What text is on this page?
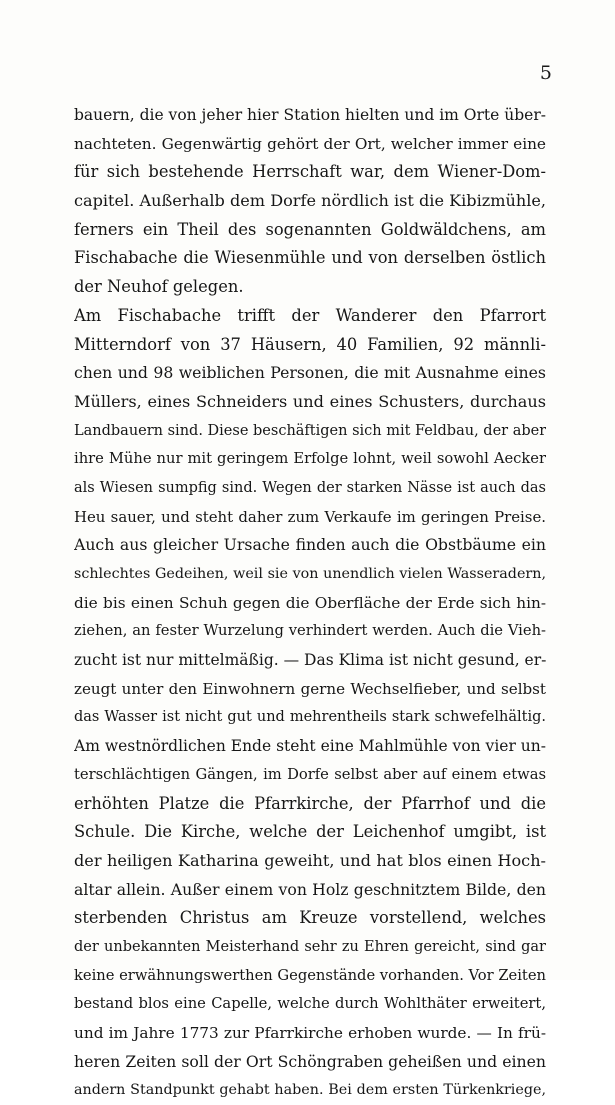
5
bauern, die von jeher hier Station hielten und im Orte über-
nachteten. Gegenwärtig gehört der Ort, welcher immer eine
für sich bestehende Herrschaft war, dem Wiener-Dom-
capitel. Außerhalb dem Dorfe nördlich ist die Kibizmühle,
ferners ein Theil des sogenannten Goldwäldchens, am
Fischabache die Wiesenmühle und von derselben östlich
der Neuhof gelegen.
Am Fischabache trifft der Wanderer den Pfarrort
Mitterndorf von 37 Häusern, 40 Familien, 92 männli-
chen und 98 weiblichen Personen, die mit Ausnahme eines
Müllers, eines Schneiders und eines Schusters, durchaus
Landbauern sind. Diese beschäftigen sich mit Feldbau, der aber
ihre Mühe nur mit geringem Erfolge lohnt, weil sowohl Aecker
als Wiesen sumpfig sind. Wegen der starken Nässe ist auch das
Heu sauer, und steht daher zum Verkaufe im geringen Preise.
Auch aus gleicher Ursache finden auch die Obstbäume ein
schlechtes Gedeihen, weil sie von unendlich vielen Wasseradern,
die bis einen Schuh gegen die Oberfläche der Erde sich hin-
ziehen, an fester Wurzelung verhindert werden. Auch die Vieh-
zucht ist nur mittelmäßig. — Das Klima ist nicht gesund, er-
zeugt unter den Einwohnern gerne Wechselfieber, und selbst
das Wasser ist nicht gut und mehrentheils stark schwefelhältig.
Am westnördlichen Ende steht eine Mahlmühle von vier un-
terschlächtigen Gängen, im Dorfe selbst aber auf einem etwas
erhöhten Platze die Pfarrkirche, der Pfarrhof und die
Schule. Die Kirche, welche der Leichenhof umgibt, ist
der heiligen Katharina geweiht, und hat blos einen Hoch-
altar allein. Außer einem von Holz geschnitztem Bilde, den
sterbenden Christus am Kreuze vorstellend, welches
der unbekannten Meisterhand sehr zu Ehren gereicht, sind gar
keine erwähnungswerthen Gegenstände vorhanden. Vor Zeiten
bestand blos eine Capelle, welche durch Wohlthäter erweitert,
und im Jahre 1773 zur Pfarrkirche erhoben wurde. — In frü-
heren Zeiten soll der Ort Schöngraben geheißen und einen
andern Standpunkt gehabt haben. Bei dem ersten Türkenkriege,
